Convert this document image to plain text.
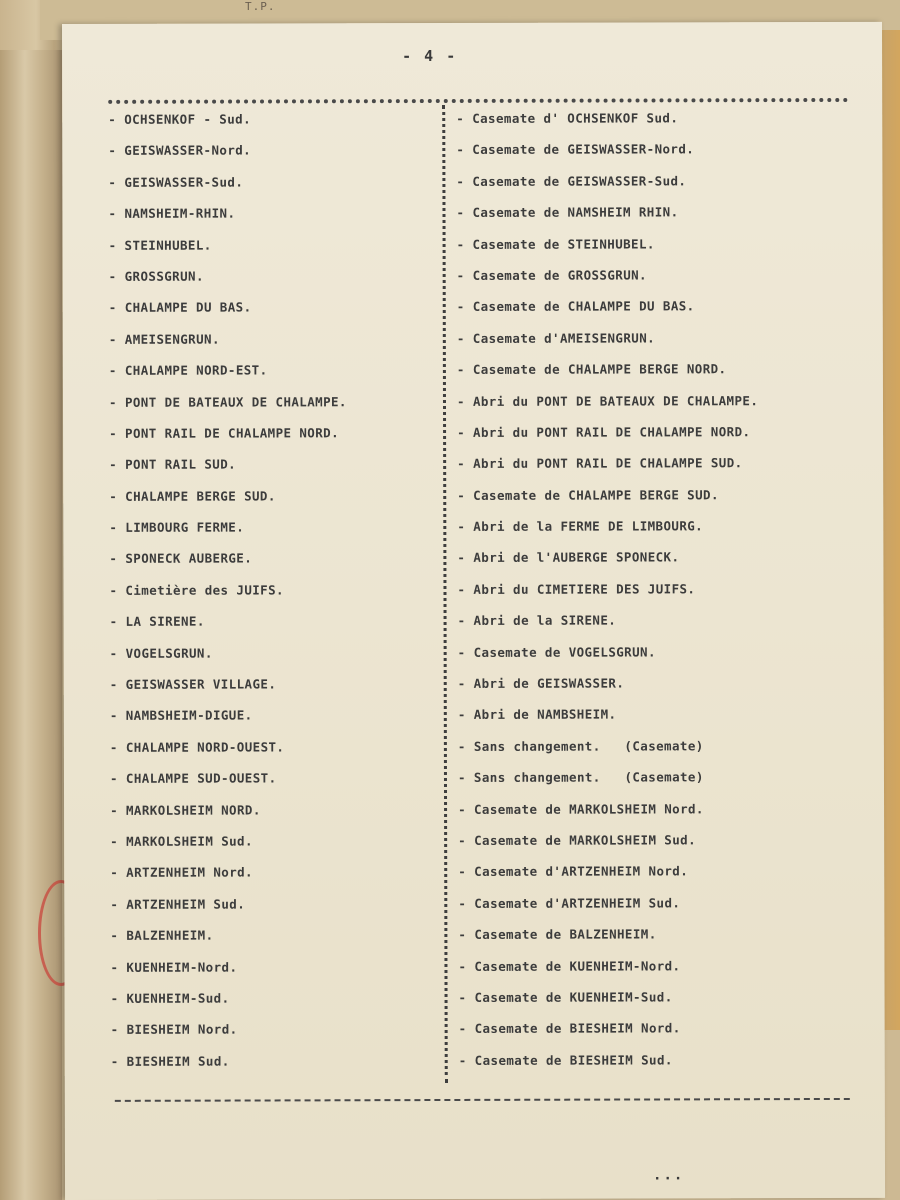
T.P.
- 4 -
- OCHSENKOF - Sud.	- Casemate d' OCHSENKOF Sud.
- GEISWASSER-Nord.	- Casemate de GEISWASSER-Nord.
- GEISWASSER-Sud.	- Casemate de GEISWASSER-Sud.
- NAMSHEIM-RHIN.	- Casemate de NAMSHEIM RHIN.
- STEINHUBEL.	- Casemate de STEINHUBEL.
- GROSSGRUN.	- Casemate de GROSSGRUN.
- CHALAMPE DU BAS.	- Casemate de CHALAMPE DU BAS.
- AMEISENGRUN.	- Casemate d'AMEISENGRUN.
- CHALAMPE NORD-EST.	- Casemate de CHALAMPE BERGE NORD.
- PONT DE BATEAUX DE CHALAMPE.	- Abri du PONT DE BATEAUX DE CHALAMPE.
- PONT RAIL DE CHALAMPE NORD.	- Abri du PONT RAIL DE CHALAMPE NORD.
- PONT RAIL SUD.	- Abri du PONT RAIL DE CHALAMPE SUD.
- CHALAMPE BERGE SUD.	- Casemate de CHALAMPE BERGE SUD.
- LIMBOURG FERME.	- Abri de la FERME DE LIMBOURG.
- SPONECK AUBERGE.	- Abri de l'AUBERGE SPONECK.
- Cimetière des JUIFS.	- Abri du CIMETIERE DES JUIFS.
- LA SIRENE.	- Abri de la SIRENE.
- VOGELSGRUN.	- Casemate de VOGELSGRUN.
- GEISWASSER VILLAGE.	- Abri de GEISWASSER.
- NAMBSHEIM-DIGUE.	- Abri de NAMBSHEIM.
- CHALAMPE NORD-OUEST.	- Sans changement.   (Casemate)
- CHALAMPE SUD-OUEST.	- Sans changement.   (Casemate)
- MARKOLSHEIM NORD.	- Casemate de MARKOLSHEIM Nord.
- MARKOLSHEIM Sud.	- Casemate de MARKOLSHEIM Sud.
- ARTZENHEIM Nord.	- Casemate d'ARTZENHEIM Nord.
- ARTZENHEIM Sud.	- Casemate d'ARTZENHEIM Sud.
- BALZENHEIM.	- Casemate de BALZENHEIM.
- KUENHEIM-Nord.	- Casemate de KUENHEIM-Nord.
- KUENHEIM-Sud.	- Casemate de KUENHEIM-Sud.
- BIESHEIM Nord.	- Casemate de BIESHEIM Nord.
- BIESHEIM Sud.	- Casemate de BIESHEIM Sud.
...
